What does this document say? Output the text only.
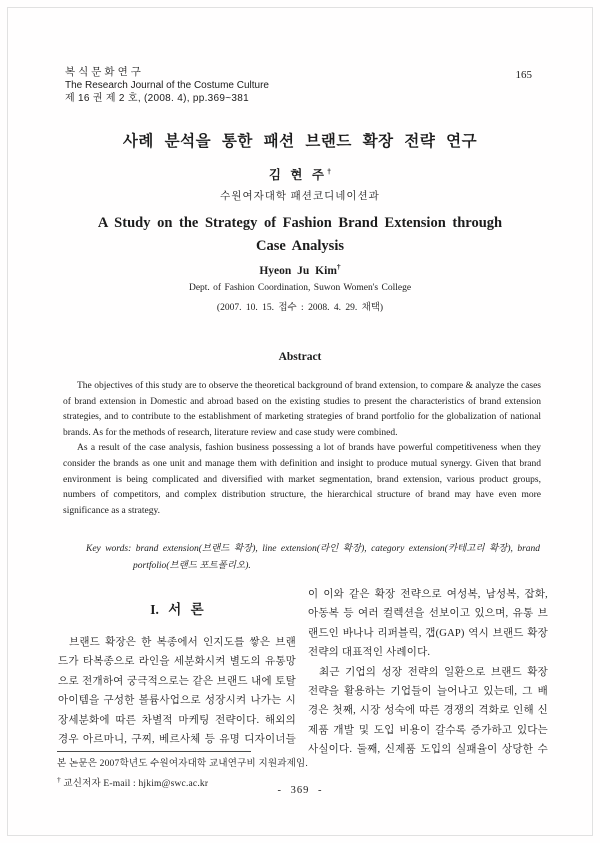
복식문화연구
The Research Journal of the Costume Culture
제 16 권 제 2 호, (2008. 4), pp.369~381
165
사례 분석을 통한 패션 브랜드 확장 전략 연구
김 현 주†
수원여자대학 패션코디네이션과
A Study on the Strategy of Fashion Brand Extension through Case Analysis
Hyeon Ju Kim†
Dept. of Fashion Coordination, Suwon Women's College
(2007. 10. 15. 접수 : 2008. 4. 29. 채택)
Abstract

The objectives of this study are to observe the theoretical background of brand extension, to compare & analyze the cases of brand extension in Domestic and abroad based on the existing studies to present the characteristics of brand extension strategies, and to contribute to the establishment of marketing strategies of brand portfolio for the globalization of national brands. As for the methods of research, literature review and case study were combined.

As a result of the case analysis, fashion business possessing a lot of brands have powerful competitiveness when they consider the brands as one unit and manage them with definition and insight to produce mutual synergy. Given that brand environment is being complicated and diversified with market segmentation, brand extension, various product groups, numbers of competitors, and complex distribution structure, the hierarchical structure of brand may have even more significance as a strategy.

Key words: brand extension(브랜드 확장), line extension(라인 확장), category extension(카테고리 확장), brand portfolio(브랜드 포트폴리오).

I. 서 론
브랜드 확장은 한 복종에서 인지도를 쌓은 브랜
드가 타복종으로 라인을 세분화시켜 별도의 유통망
으로 전개하여 궁극적으로는 같은 브랜드 내에 토탈
아이템을 구성한 볼륨사업으로 성장시켜 나가는 시
장세분화에 따른 차별적 마케팅 전략이다. 해외의
경우 아르마니, 구찌, 베르사체 등 유명 디자이너들
이 이와 같은 확장 전략으로 여성복, 남성복, 잡화,
아동복 등 여러 컬렉션을 선보이고 있으며, 유통 브
랜드인 바나나 리퍼블릭, 갭(GAP) 역시 브랜드 확장
전략의 대표적인 사례이다.
최근 기업의 성장 전략의 일환으로 브랜드 확장
전략을 활용하는 기업들이 늘어나고 있는데, 그 배
경은 첫째, 시장 성숙에 따른 경쟁의 격화로 인해 신
제품 개발 및 도입 비용이 갈수록 증가하고 있다는
사실이다. 둘째, 신제품 도입의 실패율이 상당한 수
본 논문은 2007학년도 수원여자대학 교내연구비 지원과제임.
† 교신저자 E-mail : hjkim@swc.ac.kr
- 369 -
